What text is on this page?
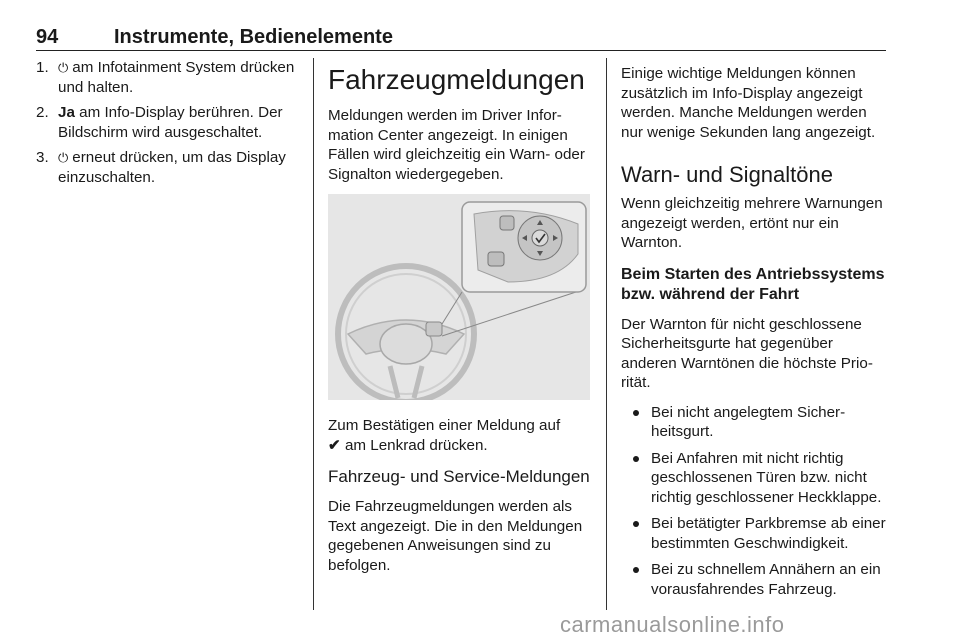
94	Instrumente, Bedienelemente
1. ⏻ am Infotainment System drücken und halten.
2. Ja am Info-Display berühren. Der Bildschirm wird ausgeschaltet.
3. ⏻ erneut drücken, um das Display einzuschalten.
Fahrzeugmeldungen

Meldungen werden im Driver Information Center angezeigt. In einigen Fällen wird gleichzeitig ein Warn- oder Signalton wiedergegeben.

Zum Bestätigen einer Meldung auf
✔ am Lenkrad drücken.

Fahrzeug- und Service-Meldungen

Die Fahrzeugmeldungen werden als Text angezeigt. Die in den Meldungen gegebenen Anweisungen sind zu befolgen.

Einige wichtige Meldungen können zusätzlich im Info-Display angezeigt werden. Manche Meldungen werden nur wenige Sekunden lang angezeigt.

Warn- und Signaltöne

Wenn gleichzeitig mehrere Warnungen angezeigt werden, ertönt nur ein Warnton.

Beim Starten des Antriebssystems bzw. während der Fahrt

Der Warnton für nicht geschlossene Sicherheitsgurte hat gegenüber anderen Warntönen die höchste Priorität.

Bei nicht angelegtem Sicherheitsgurt.
Bei Anfahren mit nicht richtig geschlossenen Türen bzw. nicht richtig geschlossener Heckklappe.
Bei betätigter Parkbremse ab einer bestimmten Geschwindigkeit.
Bei zu schnellem Annähern an ein vorausfahrendes Fahrzeug.
carmanualsonline.info
